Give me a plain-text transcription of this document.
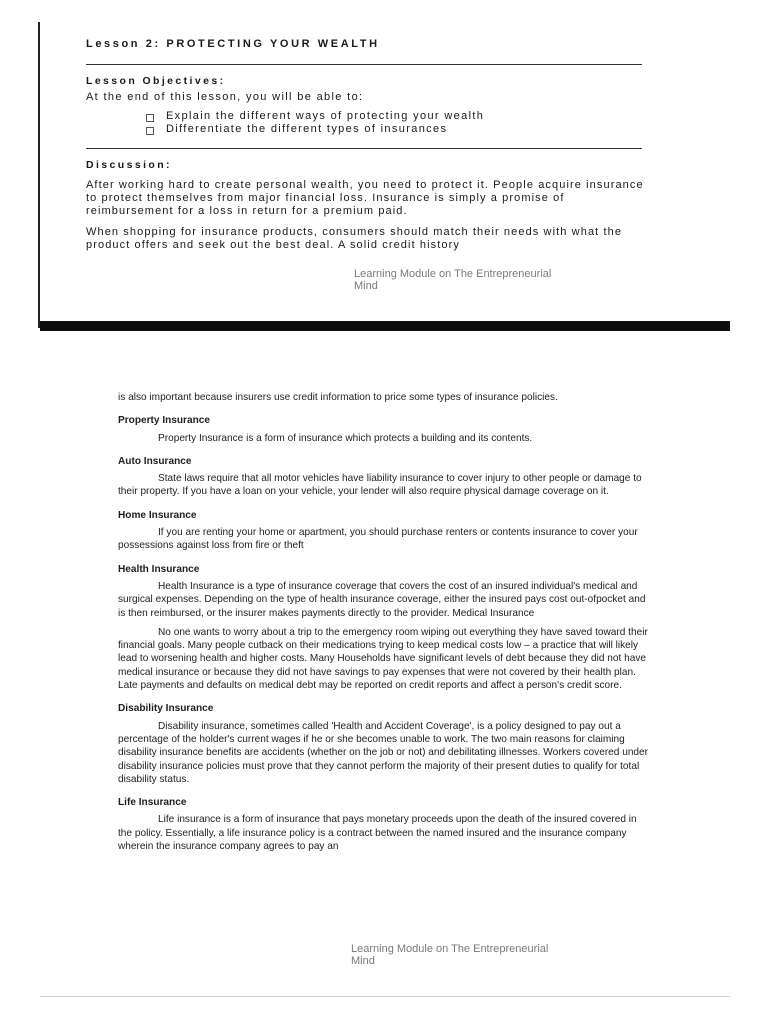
Lesson 2: PROTECTING YOUR WEALTH
Lesson Objectives:

At the end of this lesson, you will be able to:

Explain the different ways of protecting your wealth
Differentiate the different types of insurances
Discussion:

After working hard to create personal wealth, you need to protect it. People acquire insurance to protect themselves from major financial loss. Insurance is simply a promise of reimbursement for a loss in return for a premium paid.

When shopping for insurance products, consumers should match their needs with what the product offers and seek out the best deal. A solid credit history

Learning Module on The Entrepreneurial
Mind

is also important because insurers use credit information to price some types of insurance policies.

Property Insurance

Property Insurance is a form of insurance which protects a building and its contents.

Auto Insurance

State laws require that all motor vehicles have liability insurance to cover injury to other people or damage to their property. If you have a loan on your vehicle, your lender will also require physical damage coverage on it.

Home Insurance

If you are renting your home or apartment, you should purchase renters or contents insurance to cover your possessions against loss from fire or theft

Health Insurance

Health Insurance is a type of insurance coverage that covers the cost of an insured individual's medical and surgical expenses. Depending on the type of health insurance coverage, either the insured pays cost out-ofpocket and is then reimbursed, or the insurer makes payments directly to the provider. Medical Insurance

No one wants to worry about a trip to the emergency room wiping out everything they have saved toward their financial goals. Many people cutback on their medications trying to keep medical costs low – a practice that will likely lead to worsening health and higher costs. Many Households have significant levels of debt because they did not have medical insurance or because they did not have savings to pay expenses that were not covered by their health plan. Late payments and defaults on medical debt may be reported on credit reports and affect a person's credit score.

Disability Insurance

Disability insurance, sometimes called 'Health and Accident Coverage', is a policy designed to pay out a percentage of the holder's current wages if he or she becomes unable to work. The two main reasons for claiming disability insurance benefits are accidents (whether on the job or not) and debilitating illnesses. Workers covered under disability insurance policies must prove that they cannot perform the majority of their present duties to qualify for total disability status.

Life Insurance

Life insurance is a form of insurance that pays monetary proceeds upon the death of the insured covered in the policy. Essentially, a life insurance policy is a contract between the named insured and the insurance company wherein the insurance company agrees to pay an

Learning Module on The Entrepreneurial
Mind
